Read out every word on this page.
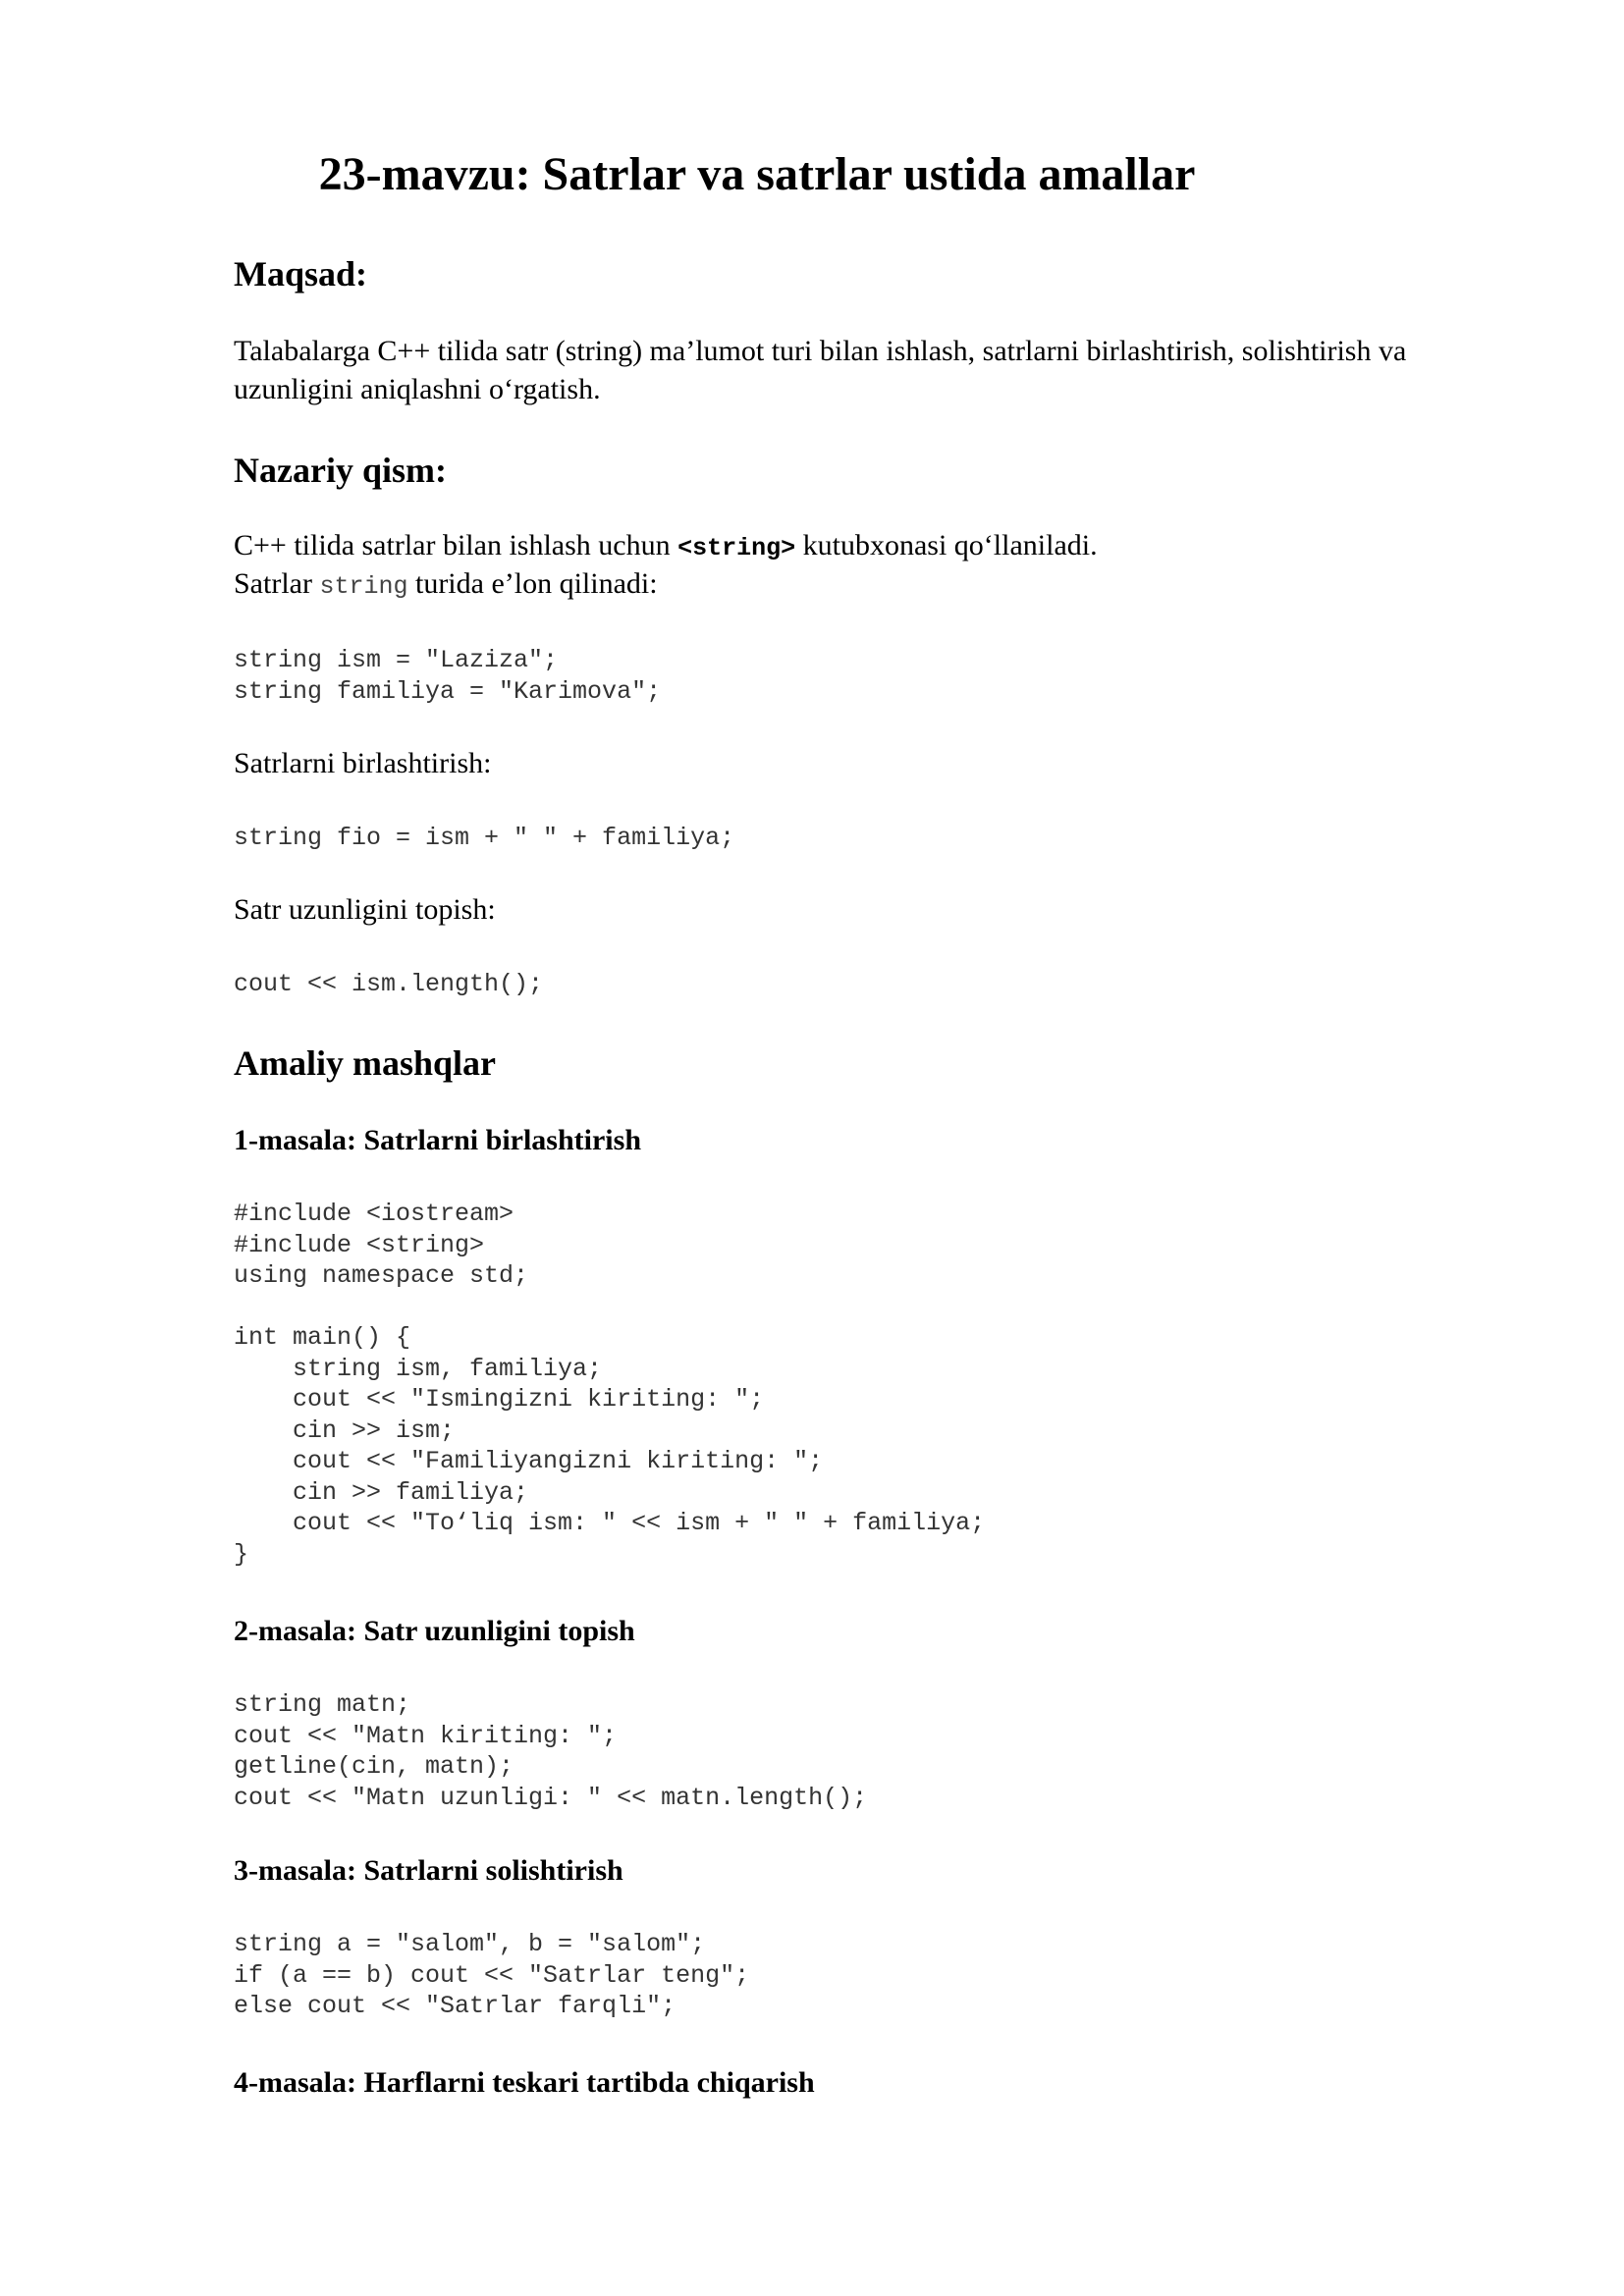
23-mavzu: Satrlar va satrlar ustida amallar
Maqsad:

Talabalarga C++ tilida satr (string) ma’lumot turi bilan ishlash, satrlarni birlashtirish, solishtirish va uzunligini aniqlashni o‘rgatish.

Nazariy qism:

C++ tilida satrlar bilan ishlash uchun <string> kutubxonasi qo‘llaniladi.

Satrlar string turida e’lon qilinadi:

string ism = "Laziza";
string familiya = "Karimova";

Satrlarni birlashtirish:

string fio = ism + " " + familiya;

Satr uzunligini topish:

cout << ism.length();
Amaliy mashqlar
1-masala: Satrlarni birlashtirish
#include <iostream>
#include <string>
using namespace std;

int main() {
string ism, familiya;
cout << "Ismingizni kiriting: ";
cin >> ism;
cout << "Familiyangizni kiriting: ";
cin >> familiya;
cout << "To‘liq ism: " << ism + " " + familiya;
}
2-masala: Satr uzunligini topish
string matn;
cout << "Matn kiriting: ";
getline(cin, matn);
cout << "Matn uzunligi: " << matn.length();
3-masala: Satrlarni solishtirish
string a = "salom", b = "salom";
if (a == b) cout << "Satrlar teng";
else cout << "Satrlar farqli";
4-masala: Harflarni teskari tartibda chiqarish
